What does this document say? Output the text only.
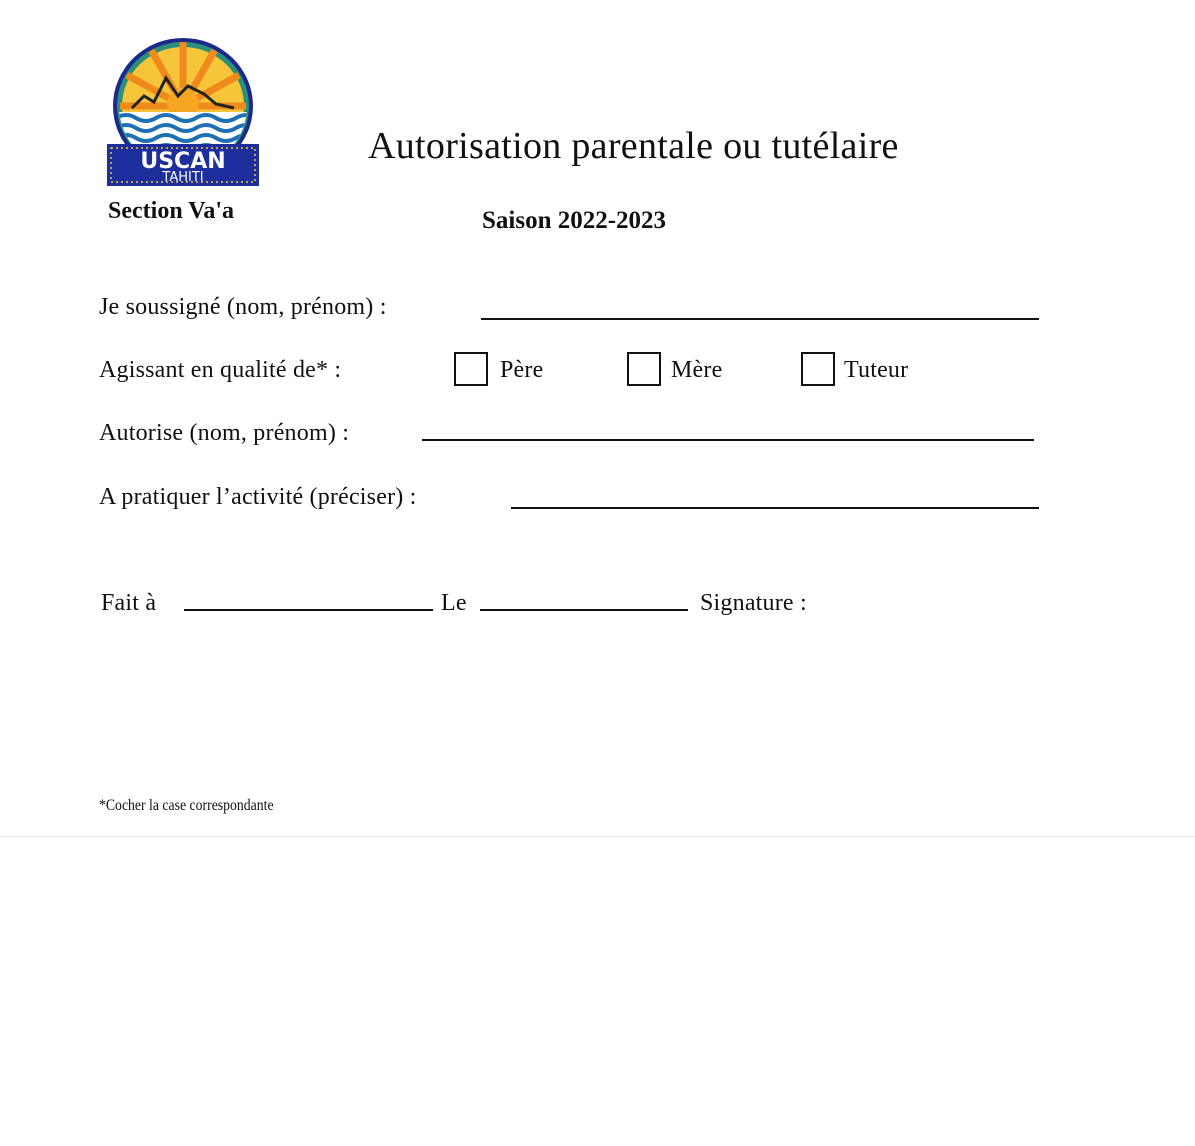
USCAN
TAHITI
Section Va'a
Autorisation parentale ou tutélaire
Saison 2022-2023
Je soussigné (nom, prénom) :
Agissant en qualité de* :	Père	Mère	Tuteur
Autorise (nom, prénom) :
A pratiquer l’activité (préciser) :
Fait à	Le	Signature :
*Cocher la case correspondante
